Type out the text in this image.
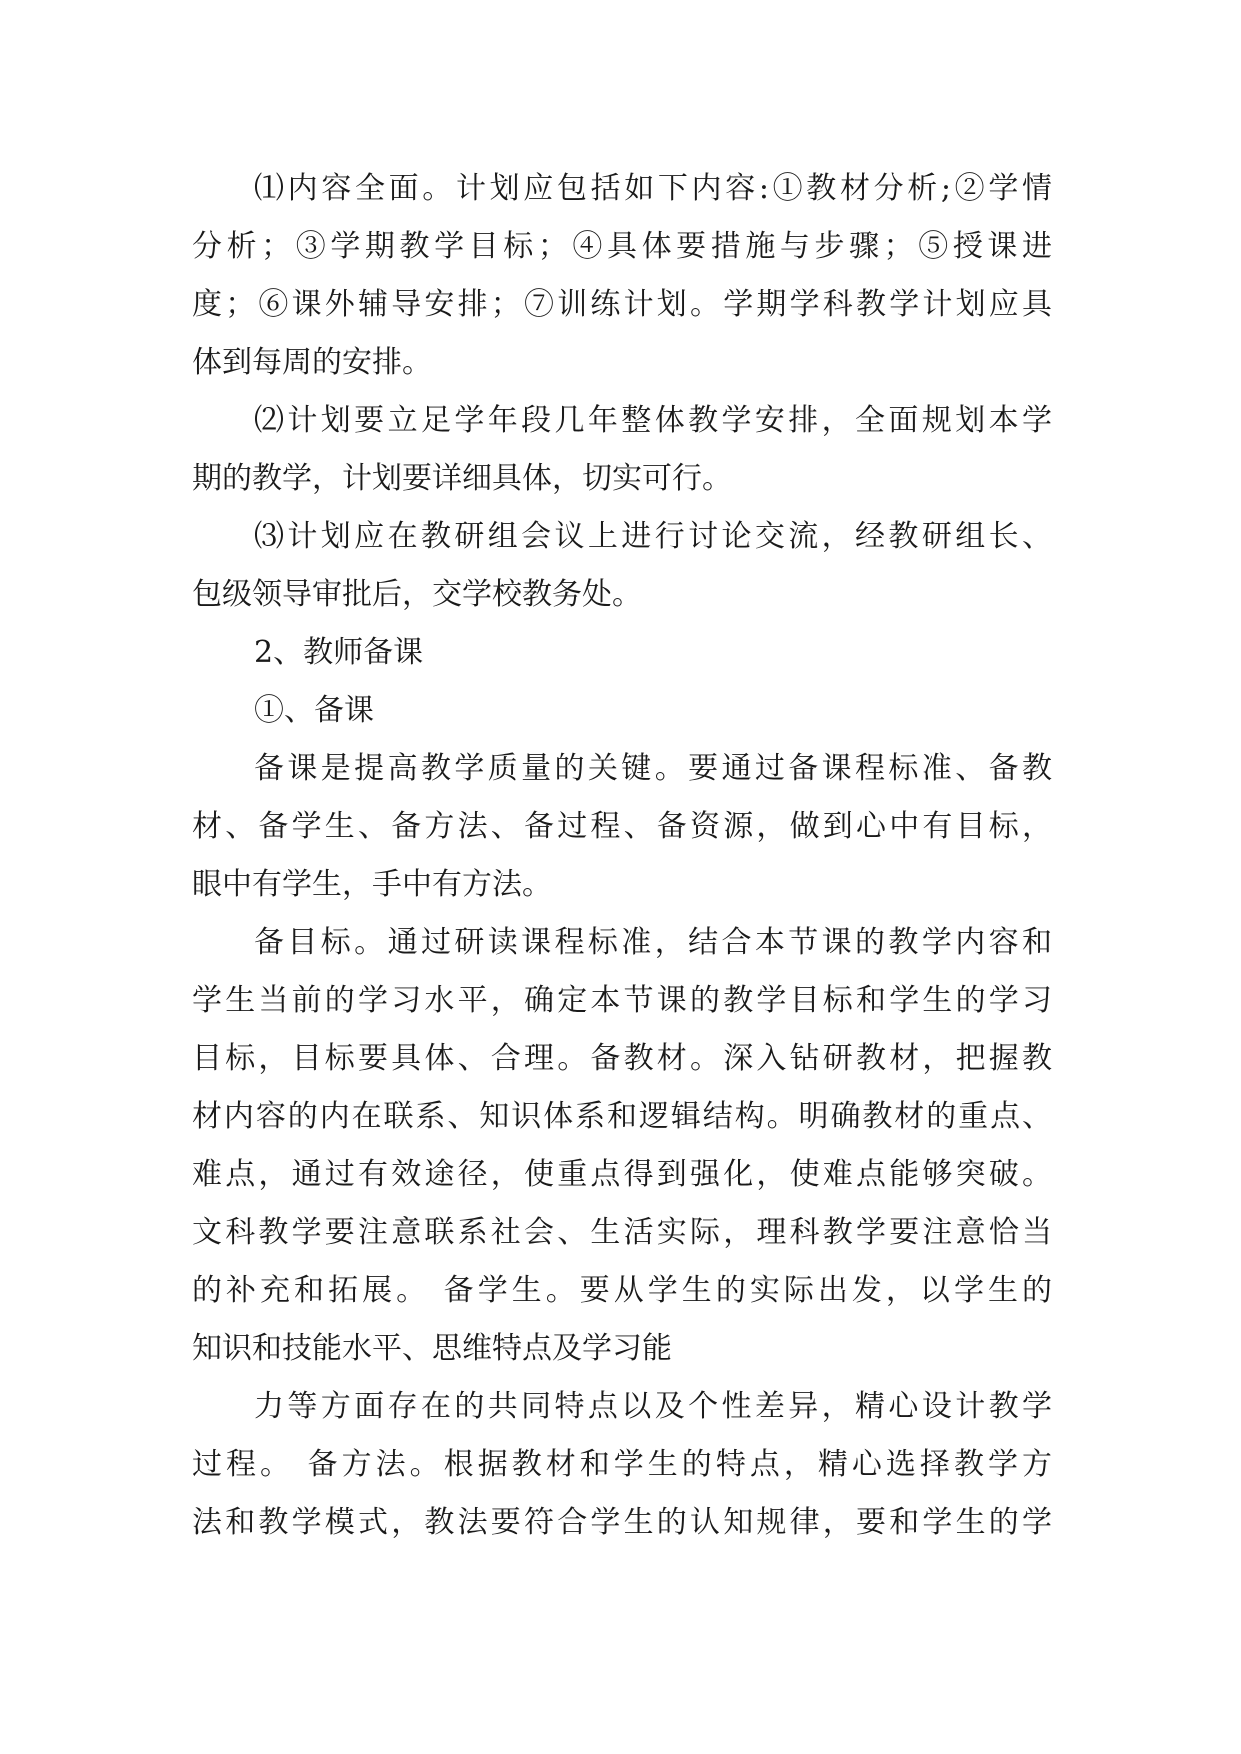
⑴内容全面。计划应包括如下内容:①教材分析;②学情
分析；③学期教学目标；④具体要措施与步骤；⑤授课进
度；⑥课外辅导安排；⑦训练计划。学期学科教学计划应具
体到每周的安排。
⑵计划要立足学年段几年整体教学安排，全面规划本学
期的教学，计划要详细具体，切实可行。
⑶计划应在教研组会议上进行讨论交流，经教研组长、
包级领导审批后，交学校教务处。
2、教师备课
①、备课
备课是提高教学质量的关键。要通过备课程标准、备教
材、备学生、备方法、备过程、备资源，做到心中有目标，
眼中有学生，手中有方法。
备目标。通过研读课程标准，结合本节课的教学内容和
学生当前的学习水平，确定本节课的教学目标和学生的学习
目标，目标要具体、合理。备教材。深入钻研教材，把握教
材内容的内在联系、知识体系和逻辑结构。明确教材的重点、
难点，通过有效途径，使重点得到强化，使难点能够突破。
文科教学要注意联系社会、生活实际，理科教学要注意恰当
的补充和拓展。 备学生。要从学生的实际出发，以学生的
知识和技能水平、思维特点及学习能
力等方面存在的共同特点以及个性差异，精心设计教学
过程。 备方法。根据教材和学生的特点，精心选择教学方
法和教学模式，教法要符合学生的认知规律，要和学生的学
